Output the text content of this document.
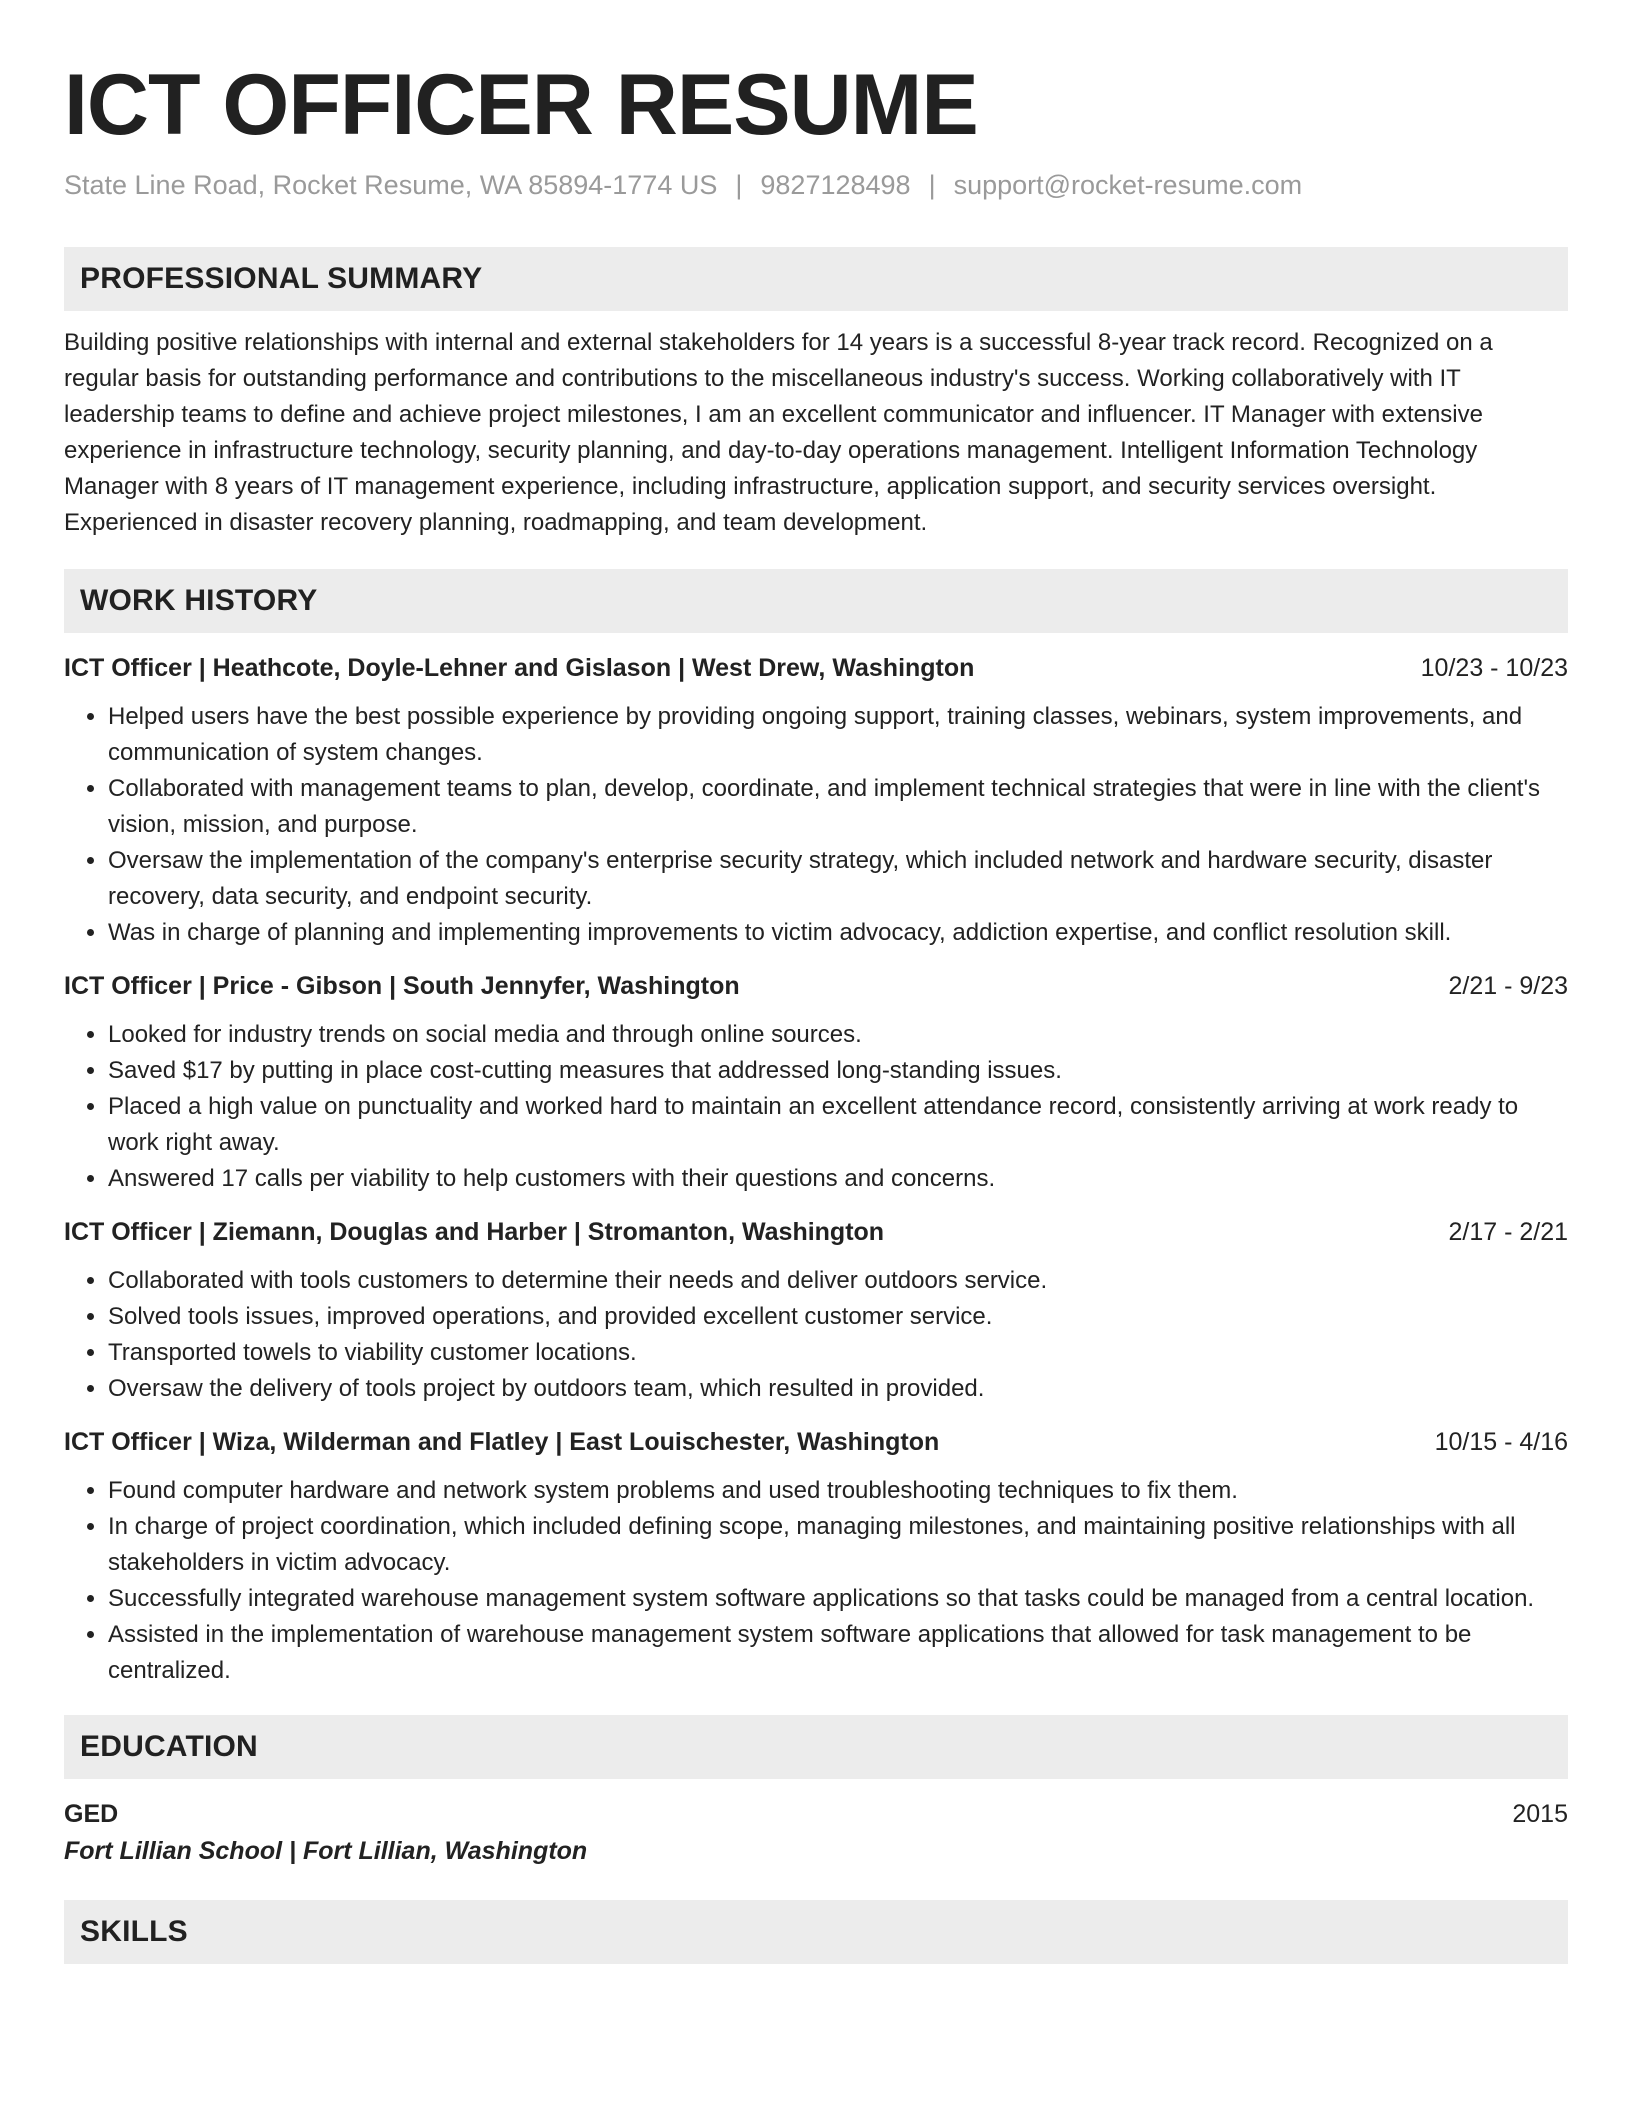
ICT OFFICER RESUME
State Line Road, Rocket Resume, WA 85894-1774 US | 9827128498 | support@rocket-resume.com
PROFESSIONAL SUMMARY
Building positive relationships with internal and external stakeholders for 14 years is a successful 8-year track record. Recognized on a regular basis for outstanding performance and contributions to the miscellaneous industry's success. Working collaboratively with IT leadership teams to define and achieve project milestones, I am an excellent communicator and influencer. IT Manager with extensive experience in infrastructure technology, security planning, and day-to-day operations management. Intelligent Information Technology Manager with 8 years of IT management experience, including infrastructure, application support, and security services oversight. Experienced in disaster recovery planning, roadmapping, and team development.
WORK HISTORY
ICT Officer | Heathcote, Doyle-Lehner and Gislason | West Drew, Washington	10/23 - 10/23
• Helped users have the best possible experience by providing ongoing support, training classes, webinars, system improvements, and communication of system changes.
• Collaborated with management teams to plan, develop, coordinate, and implement technical strategies that were in line with the client's vision, mission, and purpose.
• Oversaw the implementation of the company's enterprise security strategy, which included network and hardware security, disaster recovery, data security, and endpoint security.
• Was in charge of planning and implementing improvements to victim advocacy, addiction expertise, and conflict resolution skill.
ICT Officer | Price - Gibson | South Jennyfer, Washington	2/21 - 9/23
• Looked for industry trends on social media and through online sources.
• Saved $17 by putting in place cost-cutting measures that addressed long-standing issues.
• Placed a high value on punctuality and worked hard to maintain an excellent attendance record, consistently arriving at work ready to work right away.
• Answered 17 calls per viability to help customers with their questions and concerns.
ICT Officer | Ziemann, Douglas and Harber | Stromanton, Washington	2/17 - 2/21
• Collaborated with tools customers to determine their needs and deliver outdoors service.
• Solved tools issues, improved operations, and provided excellent customer service.
• Transported towels to viability customer locations.
• Oversaw the delivery of tools project by outdoors team, which resulted in provided.
ICT Officer | Wiza, Wilderman and Flatley | East Louischester, Washington	10/15 - 4/16
• Found computer hardware and network system problems and used troubleshooting techniques to fix them.
• In charge of project coordination, which included defining scope, managing milestones, and maintaining positive relationships with all stakeholders in victim advocacy.
• Successfully integrated warehouse management system software applications so that tasks could be managed from a central location.
• Assisted in the implementation of warehouse management system software applications that allowed for task management to be centralized.
EDUCATION
GED	2015
Fort Lillian School | Fort Lillian, Washington
SKILLS
